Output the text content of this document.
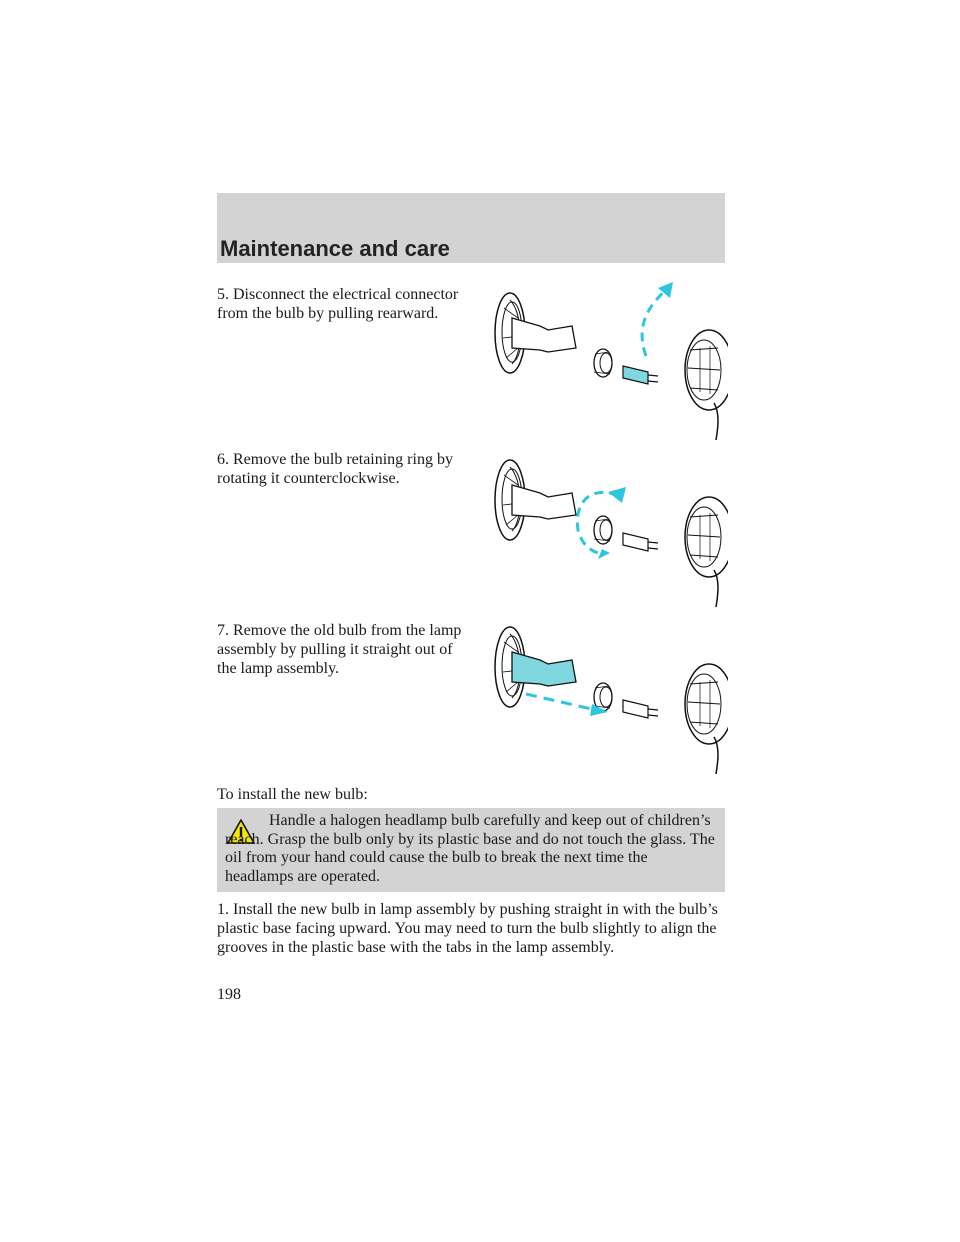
Maintenance and care
5. Disconnect the electrical connector from the bulb by pulling rearward.
6. Remove the bulb retaining ring by rotating it counterclockwise.
7. Remove the old bulb from the lamp assembly by pulling it straight out of the lamp assembly.
To install the new bulb:
Handle a halogen headlamp bulb carefully and keep out of children’s reach. Grasp the bulb only by its plastic base and do not touch the glass. The oil from your hand could cause the bulb to break the next time the headlamps are operated.
1. Install the new bulb in lamp assembly by pushing straight in with the bulb’s plastic base facing upward. You may need to turn the bulb slightly to align the grooves in the plastic base with the tabs in the lamp assembly.
198
